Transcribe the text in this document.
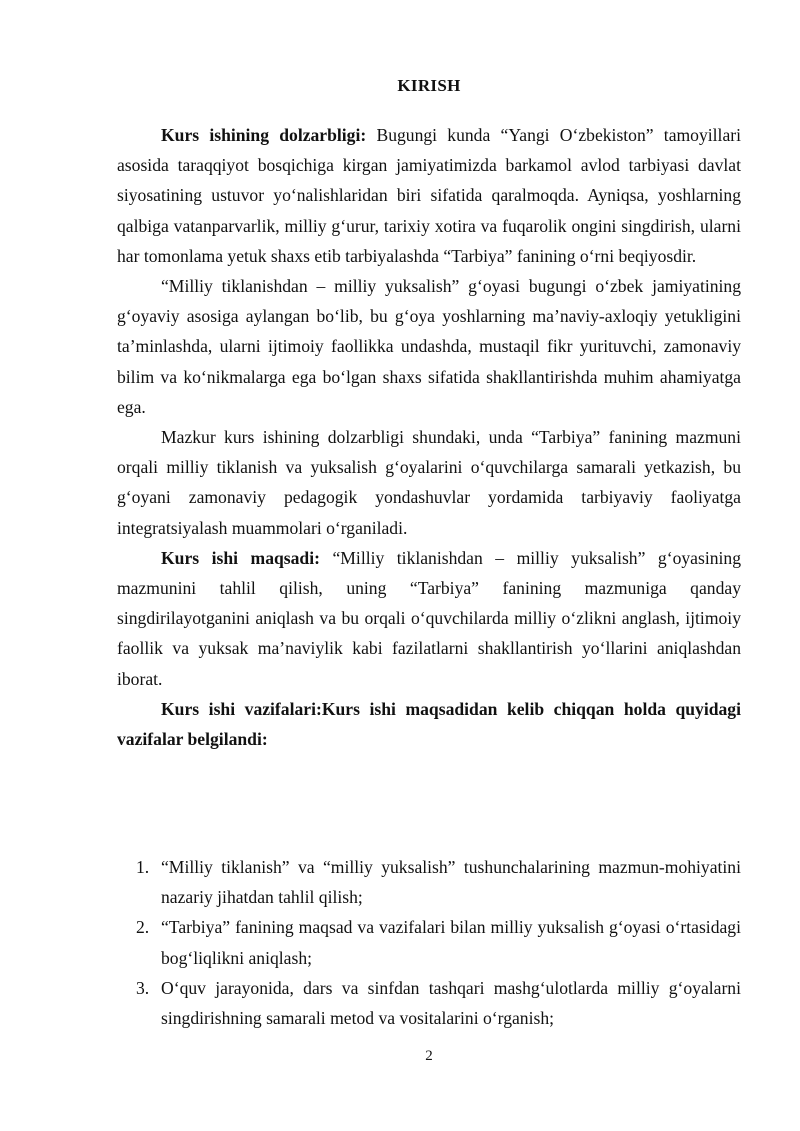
KIRISH

Kurs ishining dolzarbligi: Bugungi kunda “Yangi O‘zbekiston” tamoyillari asosida taraqqiyot bosqichiga kirgan jamiyatimizda barkamol avlod tarbiyasi davlat siyosatining ustuvor yo‘nalishlaridan biri sifatida qaralmoqda. Ayniqsa, yoshlarning qalbiga vatanparvarlik, milliy g‘urur, tarixiy xotira va fuqarolik ongini singdirish, ularni har tomonlama yetuk shaxs etib tarbiyalashda “Tarbiya” fanining o‘rni beqiyosdir.

“Milliy tiklanishdan – milliy yuksalish” g‘oyasi bugungi o‘zbek jamiyatining g‘oyaviy asosiga aylangan bo‘lib, bu g‘oya yoshlarning ma’naviy-axloqiy yetukligini ta’minlashda, ularni ijtimoiy faollikka undashda, mustaqil fikr yurituvchi, zamonaviy bilim va ko‘nikmalarga ega bo‘lgan shaxs sifatida shakllantirishda muhim ahamiyatga ega.

Mazkur kurs ishining dolzarbligi shundaki, unda “Tarbiya” fanining mazmuni orqali milliy tiklanish va yuksalish g‘oyalarini o‘quvchilarga samarali yetkazish, bu g‘oyani zamonaviy pedagogik yondashuvlar yordamida tarbiyaviy faoliyatga integratsiyalash muammolari o‘rganiladi.

Kurs ishi maqsadi: “Milliy tiklanishdan – milliy yuksalish” g‘oyasining mazmunini tahlil qilish, uning “Tarbiya” fanining mazmuniga qanday singdirilayotganini aniqlash va bu orqali o‘quvchilarda milliy o‘zlikni anglash, ijtimoiy faollik va yuksak ma’naviylik kabi fazilatlarni shakllantirish yo‘llarini aniqlashdan iborat.

Kurs ishi vazifalari:Kurs ishi maqsadidan kelib chiqqan holda quyidagi vazifalar belgilandi:

1. “Milliy tiklanish” va “milliy yuksalish” tushunchalarining mazmun-mohiyatini nazariy jihatdan tahlil qilish;
2. “Tarbiya” fanining maqsad va vazifalari bilan milliy yuksalish g‘oyasi o‘rtasidagi bog‘liqlikni aniqlash;
3. O‘quv jarayonida, dars va sinfdan tashqari mashg‘ulotlarda milliy g‘oyalarni singdirishning samarali metod va vositalarini o‘rganish;
2
